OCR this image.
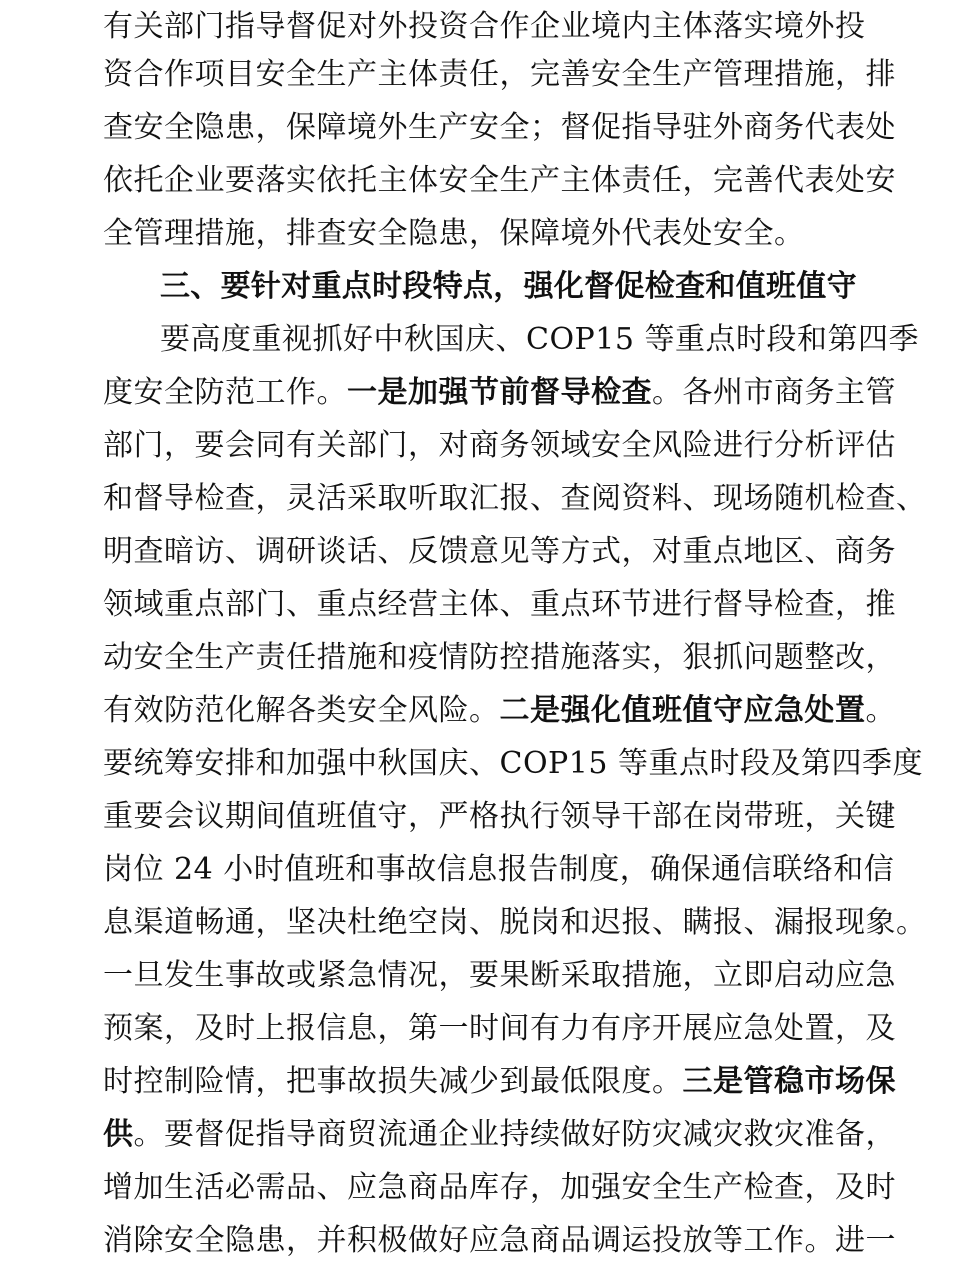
有关部门指导督促对外投资合作企业境内主体落实境外投
资合作项目安全生产主体责任，完善安全生产管理措施，排
查安全隐患，保障境外生产安全；督促指导驻外商务代表处
依托企业要落实依托主体安全生产主体责任，完善代表处安
全管理措施，排查安全隐患，保障境外代表处安全。
三、要针对重点时段特点，强化督促检查和值班值守
要高度重视抓好中秋国庆、COP15 等重点时段和第四季
度安全防范工作。一是加强节前督导检查。各州市商务主管
部门，要会同有关部门，对商务领域安全风险进行分析评估
和督导检查，灵活采取听取汇报、查阅资料、现场随机检查、
明查暗访、调研谈话、反馈意见等方式，对重点地区、商务
领域重点部门、重点经营主体、重点环节进行督导检查，推
动安全生产责任措施和疫情防控措施落实，狠抓问题整改，
有效防范化解各类安全风险。二是强化值班值守应急处置。
要统筹安排和加强中秋国庆、COP15 等重点时段及第四季度
重要会议期间值班值守，严格执行领导干部在岗带班，关键
岗位 24 小时值班和事故信息报告制度，确保通信联络和信
息渠道畅通，坚决杜绝空岗、脱岗和迟报、瞒报、漏报现象。
一旦发生事故或紧急情况，要果断采取措施，立即启动应急
预案，及时上报信息，第一时间有力有序开展应急处置，及
时控制险情，把事故损失减少到最低限度。三是管稳市场保
供。要督促指导商贸流通企业持续做好防灾减灾救灾准备，
增加生活必需品、应急商品库存，加强安全生产检查，及时
消除安全隐患，并积极做好应急商品调运投放等工作。进一
